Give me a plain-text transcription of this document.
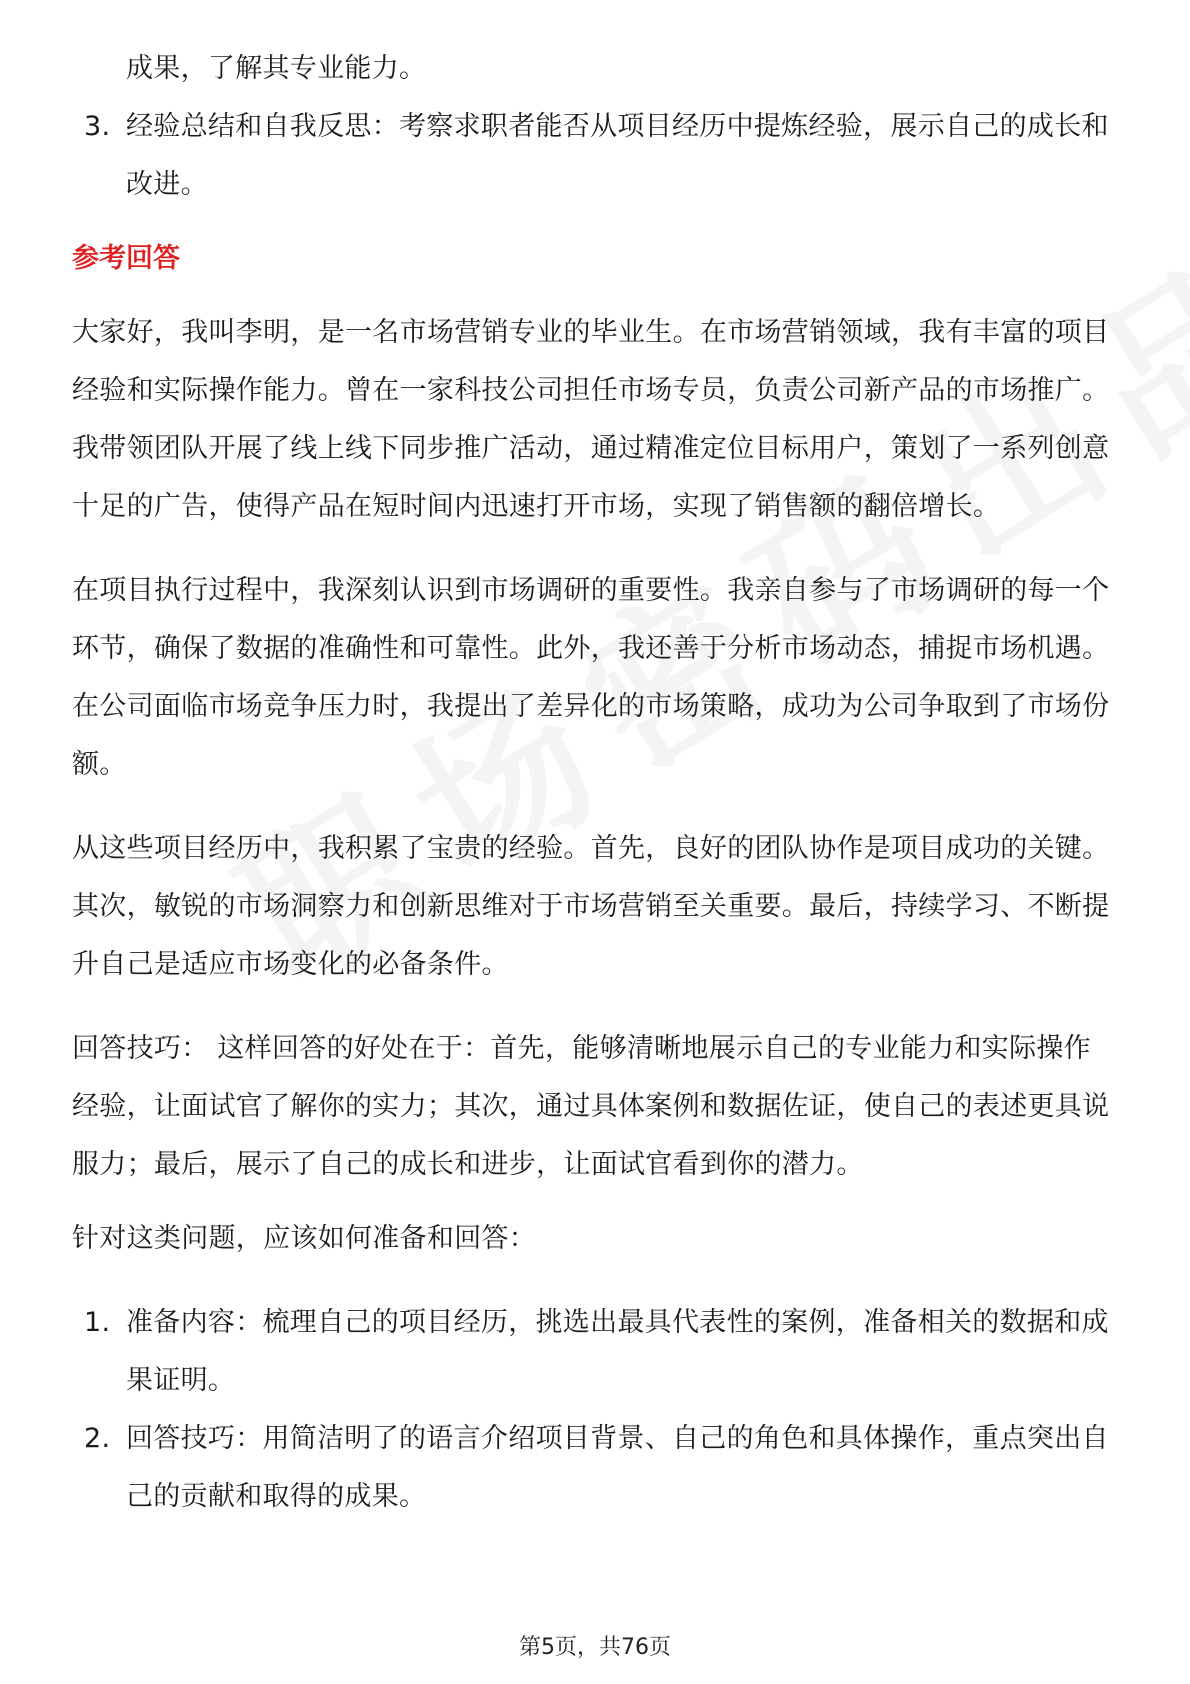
成果，了解其专业能力。

3. 经验总结和自我反思：考察求职者能否从项目经历中提炼经验，展示自己的成长和改进。

参考回答

大家好，我叫李明，是一名市场营销专业的毕业生。在市场营销领域，我有丰富的项目经验和实际操作能力。曾在一家科技公司担任市场专员，负责公司新产品的市场推广。我带领团队开展了线上线下同步推广活动，通过精准定位目标用户，策划了一系列创意十足的广告，使得产品在短时间内迅速打开市场，实现了销售额的翻倍增长。

在项目执行过程中，我深刻认识到市场调研的重要性。我亲自参与了市场调研的每一个环节，确保了数据的准确性和可靠性。此外，我还善于分析市场动态，捕捉市场机遇。在公司面临市场竞争压力时，我提出了差异化的市场策略，成功为公司争取到了市场份额。

从这些项目经历中，我积累了宝贵的经验。首先，良好的团队协作是项目成功的关键。其次，敏锐的市场洞察力和创新思维对于市场营销至关重要。最后，持续学习、不断提升自己是适应市场变化的必备条件。

回答技巧： 这样回答的好处在于：首先，能够清晰地展示自己的专业能力和实际操作经验，让面试官了解你的实力；其次，通过具体案例和数据佐证，使自己的表述更具说服力；最后，展示了自己的成长和进步，让面试官看到你的潜力。

针对这类问题，应该如何准备和回答：

1. 准备内容：梳理自己的项目经历，挑选出最具代表性的案例，准备相关的数据和成果证明。
2. 回答技巧：用简洁明了的语言介绍项目背景、自己的角色和具体操作，重点突出自己的贡献和取得的成果。
第5页，共76页
